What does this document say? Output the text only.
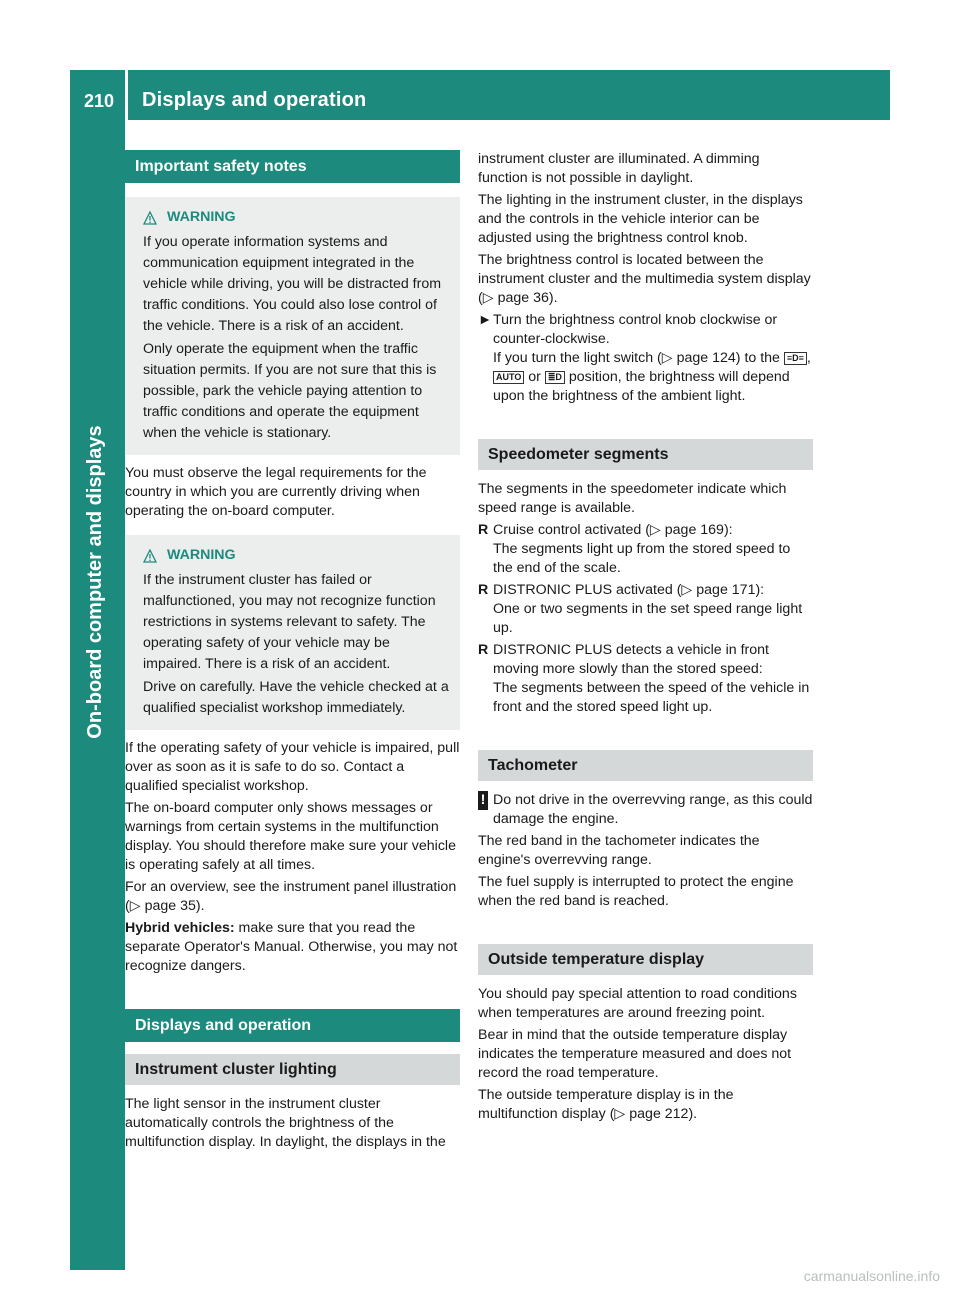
210 Displays and operation
On-board computer and displays
Important safety notes
WARNING

If you operate information systems and communication equipment integrated in the vehicle while driving, you will be distracted from traffic conditions. You could also lose control of the vehicle. There is a risk of an accident.

Only operate the equipment when the traffic situation permits. If you are not sure that this is possible, park the vehicle paying attention to traffic conditions and operate the equipment when the vehicle is stationary.

You must observe the legal requirements for the country in which you are currently driving when operating the on-board computer.

WARNING

If the instrument cluster has failed or malfunctioned, you may not recognize function restrictions in systems relevant to safety. The operating safety of your vehicle may be impaired. There is a risk of an accident.

Drive on carefully. Have the vehicle checked at a qualified specialist workshop immediately.

If the operating safety of your vehicle is impaired, pull over as soon as it is safe to do so. Contact a qualified specialist workshop.

The on-board computer only shows messages or warnings from certain systems in the multifunction display. You should therefore make sure your vehicle is operating safely at all times.

For an overview, see the instrument panel illustration (▷ page 35).

Hybrid vehicles: make sure that you read the separate Operator's Manual. Otherwise, you may not recognize dangers.

Displays and operation
Instrument cluster lighting

The light sensor in the instrument cluster automatically controls the brightness of the multifunction display. In daylight, the displays in the

instrument cluster are illuminated. A dimming function is not possible in daylight.

The lighting in the instrument cluster, in the displays and the controls in the vehicle interior can be adjusted using the brightness control knob.

The brightness control is located between the instrument cluster and the multimedia system display (▷ page 36).

► Turn the brightness control knob clockwise or counter-clockwise.
If you turn the light switch (▷ page 124) to the ≡D≡ , AUTO or ≣D position, the brightness will depend upon the brightness of the ambient light.
Speedometer segments

The segments in the speedometer indicate which speed range is available.

R Cruise control activated (▷ page 169):
The segments light up from the stored speed to the end of the scale.
R DISTRONIC PLUS activated (▷ page 171):
One or two segments in the set speed range light up.
R DISTRONIC PLUS detects a vehicle in front moving more slowly than the stored speed:
The segments between the speed of the vehicle in front and the stored speed light up.
Tachometer
! Do not drive in the overrevving range, as this could damage the engine.

The red band in the tachometer indicates the engine's overrevving range.

The fuel supply is interrupted to protect the engine when the red band is reached.

Outside temperature display

You should pay special attention to road conditions when temperatures are around freezing point.

Bear in mind that the outside temperature display indicates the temperature measured and does not record the road temperature.

The outside temperature display is in the multifunction display (▷ page 212).

carmanualsonline.info
